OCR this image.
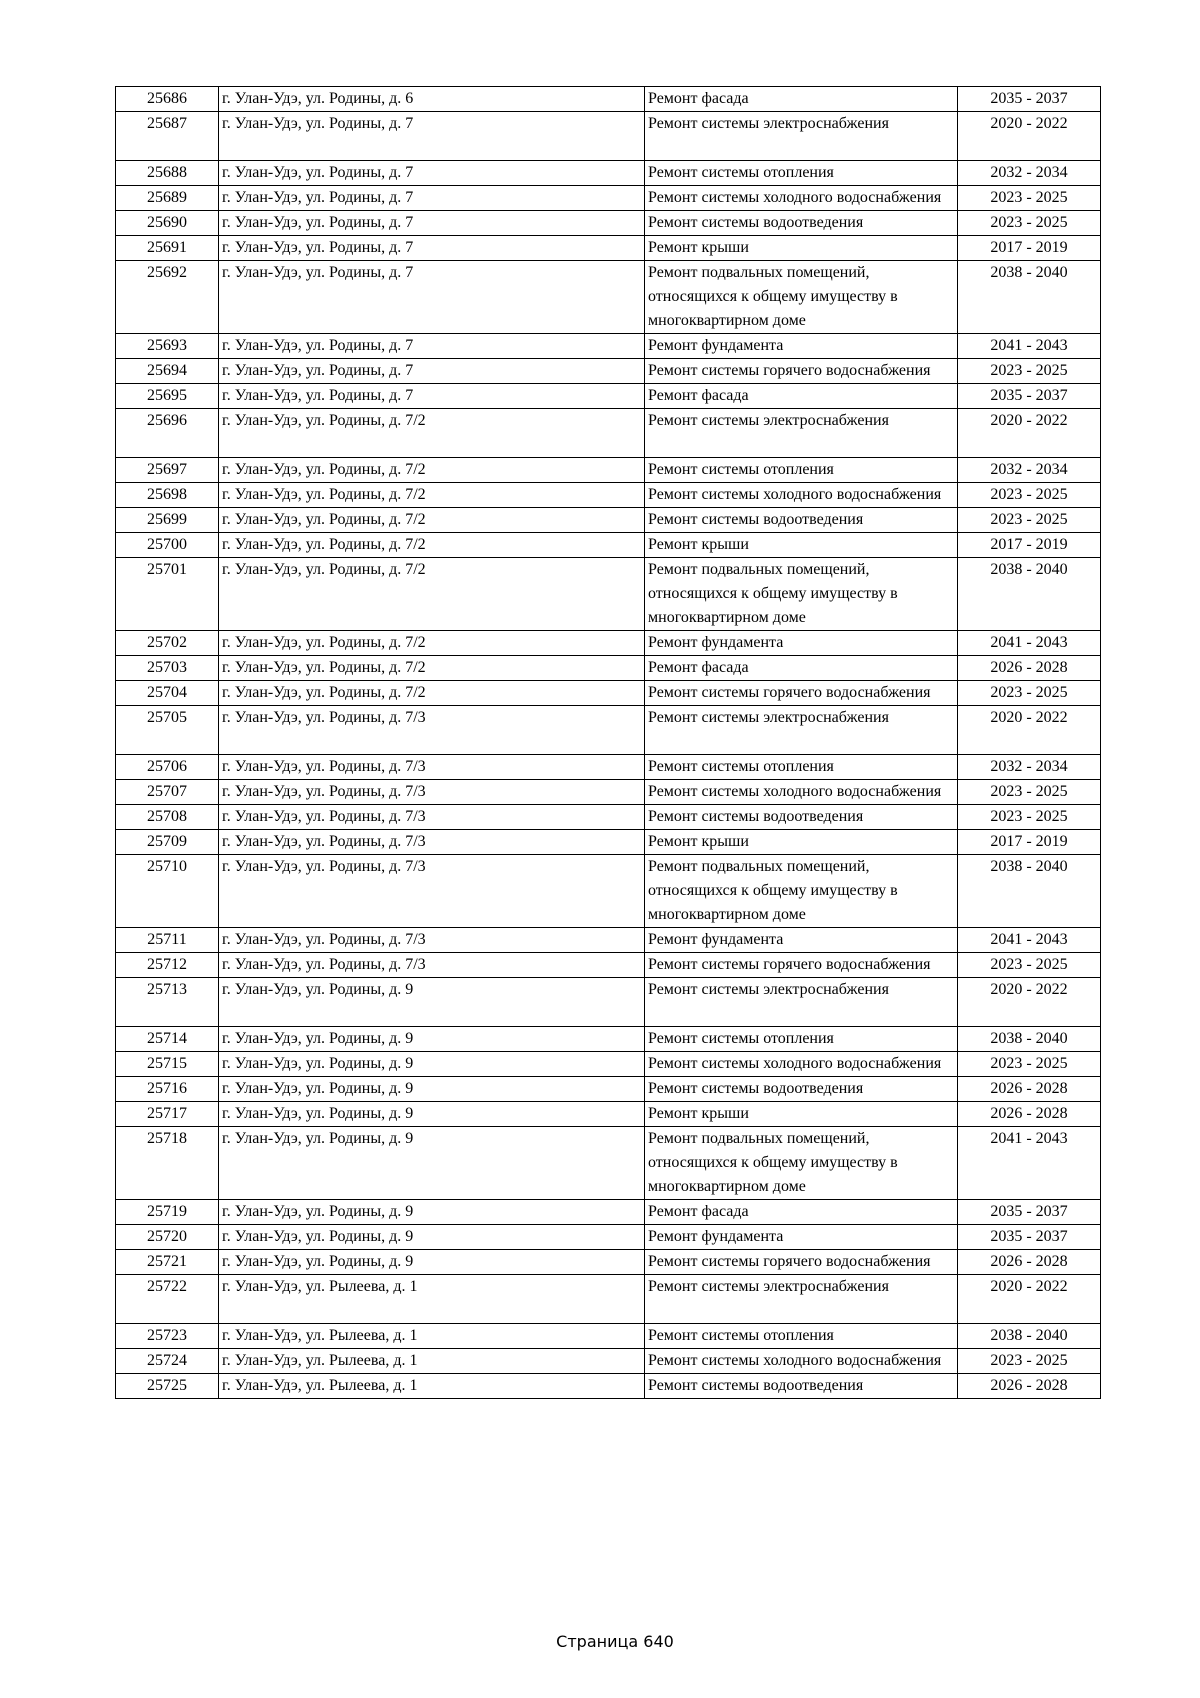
25686	г. Улан-Удэ, ул. Родины, д. 6	Ремонт фасада	2035 - 2037
25687	г. Улан-Удэ, ул. Родины, д. 7	Ремонт системы электроснабжения	2020 - 2022
25688	г. Улан-Удэ, ул. Родины, д. 7	Ремонт системы отопления	2032 - 2034
25689	г. Улан-Удэ, ул. Родины, д. 7	Ремонт системы холодного водоснабжения	2023 - 2025
25690	г. Улан-Удэ, ул. Родины, д. 7	Ремонт системы водоотведения	2023 - 2025
25691	г. Улан-Удэ, ул. Родины, д. 7	Ремонт крыши	2017 - 2019
25692	г. Улан-Удэ, ул. Родины, д. 7	Ремонт подвальных помещений, относящихся к общему имуществу в многоквартирном доме	2038 - 2040
25693	г. Улан-Удэ, ул. Родины, д. 7	Ремонт фундамента	2041 - 2043
25694	г. Улан-Удэ, ул. Родины, д. 7	Ремонт системы горячего водоснабжения	2023 - 2025
25695	г. Улан-Удэ, ул. Родины, д. 7	Ремонт фасада	2035 - 2037
25696	г. Улан-Удэ, ул. Родины, д. 7/2	Ремонт системы электроснабжения	2020 - 2022
25697	г. Улан-Удэ, ул. Родины, д. 7/2	Ремонт системы отопления	2032 - 2034
25698	г. Улан-Удэ, ул. Родины, д. 7/2	Ремонт системы холодного водоснабжения	2023 - 2025
25699	г. Улан-Удэ, ул. Родины, д. 7/2	Ремонт системы водоотведения	2023 - 2025
25700	г. Улан-Удэ, ул. Родины, д. 7/2	Ремонт крыши	2017 - 2019
25701	г. Улан-Удэ, ул. Родины, д. 7/2	Ремонт подвальных помещений, относящихся к общему имуществу в многоквартирном доме	2038 - 2040
25702	г. Улан-Удэ, ул. Родины, д. 7/2	Ремонт фундамента	2041 - 2043
25703	г. Улан-Удэ, ул. Родины, д. 7/2	Ремонт фасада	2026 - 2028
25704	г. Улан-Удэ, ул. Родины, д. 7/2	Ремонт системы горячего водоснабжения	2023 - 2025
25705	г. Улан-Удэ, ул. Родины, д. 7/3	Ремонт системы электроснабжения	2020 - 2022
25706	г. Улан-Удэ, ул. Родины, д. 7/3	Ремонт системы отопления	2032 - 2034
25707	г. Улан-Удэ, ул. Родины, д. 7/3	Ремонт системы холодного водоснабжения	2023 - 2025
25708	г. Улан-Удэ, ул. Родины, д. 7/3	Ремонт системы водоотведения	2023 - 2025
25709	г. Улан-Удэ, ул. Родины, д. 7/3	Ремонт крыши	2017 - 2019
25710	г. Улан-Удэ, ул. Родины, д. 7/3	Ремонт подвальных помещений, относящихся к общему имуществу в многоквартирном доме	2038 - 2040
25711	г. Улан-Удэ, ул. Родины, д. 7/3	Ремонт фундамента	2041 - 2043
25712	г. Улан-Удэ, ул. Родины, д. 7/3	Ремонт системы горячего водоснабжения	2023 - 2025
25713	г. Улан-Удэ, ул. Родины, д. 9	Ремонт системы электроснабжения	2020 - 2022
25714	г. Улан-Удэ, ул. Родины, д. 9	Ремонт системы отопления	2038 - 2040
25715	г. Улан-Удэ, ул. Родины, д. 9	Ремонт системы холодного водоснабжения	2023 - 2025
25716	г. Улан-Удэ, ул. Родины, д. 9	Ремонт системы водоотведения	2026 - 2028
25717	г. Улан-Удэ, ул. Родины, д. 9	Ремонт крыши	2026 - 2028
25718	г. Улан-Удэ, ул. Родины, д. 9	Ремонт подвальных помещений, относящихся к общему имуществу в многоквартирном доме	2041 - 2043
25719	г. Улан-Удэ, ул. Родины, д. 9	Ремонт фасада	2035 - 2037
25720	г. Улан-Удэ, ул. Родины, д. 9	Ремонт фундамента	2035 - 2037
25721	г. Улан-Удэ, ул. Родины, д. 9	Ремонт системы горячего водоснабжения	2026 - 2028
25722	г. Улан-Удэ, ул. Рылеева, д. 1	Ремонт системы электроснабжения	2020 - 2022
25723	г. Улан-Удэ, ул. Рылеева, д. 1	Ремонт системы отопления	2038 - 2040
25724	г. Улан-Удэ, ул. Рылеева, д. 1	Ремонт системы холодного водоснабжения	2023 - 2025
25725	г. Улан-Удэ, ул. Рылеева, д. 1	Ремонт системы водоотведения	2026 - 2028
Страница 640
